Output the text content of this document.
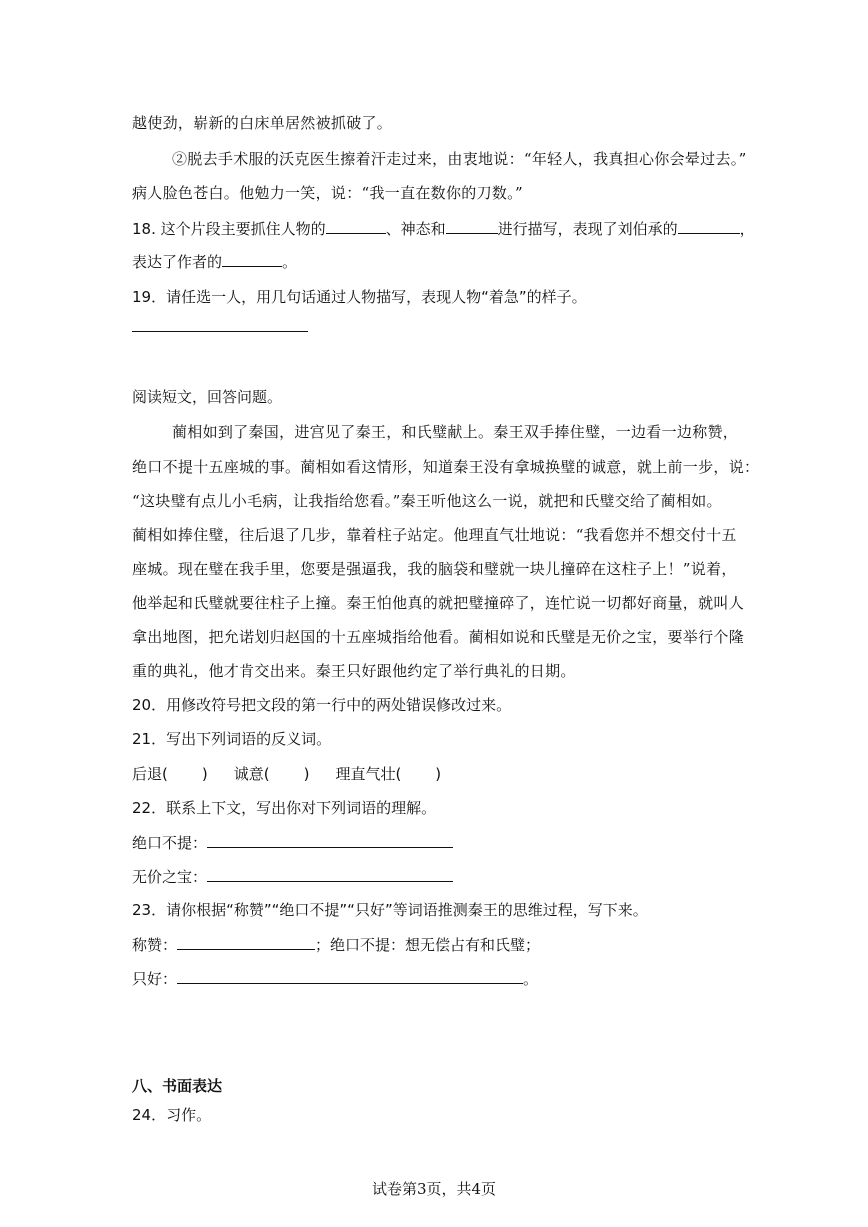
越使劲，崭新的白床单居然被抓破了。
②脱去手术服的沃克医生擦着汗走过来，由衷地说：“年轻人，我真担心你会晕过去。”
病人脸色苍白。他勉力一笑，说：“我一直在数你的刀数。”
18. 这个片段主要抓住人物的	、神态和	进行描写，表现了刘伯承的	，
表达了作者的	。
19．请任选一人，用几句话通过人物描写，表现人物“着急”的样子。
阅读短文，回答问题。
蔺相如到了秦国，进宫见了秦王，和氏璧献上。秦王双手捧住璧，一边看一边称赞，
绝口不提十五座城的事。蔺相如看这情形，知道秦王没有拿城换璧的诚意，就上前一步，说：
“这块璧有点儿小毛病，让我指给您看。”秦王听他这么一说，就把和氏璧交给了蔺相如。
蔺相如捧住璧，往后退了几步，靠着柱子站定。他理直气壮地说：“我看您并不想交付十五
座城。现在璧在我手里，您要是强逼我，我的脑袋和璧就一块儿撞碎在这柱子上！”说着，
他举起和氏璧就要往柱子上撞。秦王怕他真的就把璧撞碎了，连忙说一切都好商量，就叫人
拿出地图，把允诺划归赵国的十五座城指给他看。蔺相如说和氏璧是无价之宝，要举行个隆
重的典礼，他才肯交出来。秦王只好跟他约定了举行典礼的日期。
20．用修改符号把文段的第一行中的两处错误修改过来。
21．写出下列词语的反义词。
后退( ) 诚意( ) 理直气壮( )
22．联系上下文，写出你对下列词语的理解。
绝口不提：
无价之宝：
23．请你根据“称赞”“绝口不提”“只好”等词语推测秦王的思维过程，写下来。
称赞：	；绝口不提：想无偿占有和氏璧；
只好：	。
八、书面表达
24．习作。
试卷第3页，共4页
